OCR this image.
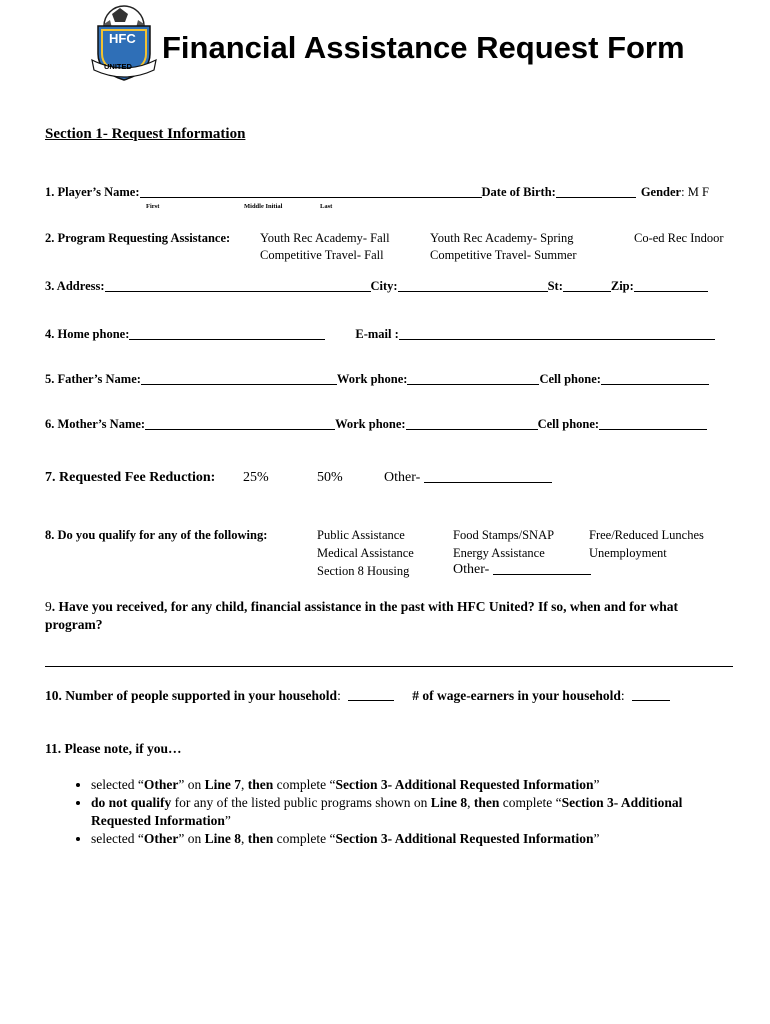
HFC
UNITED
Financial Assistance Request Form
Section 1- Request Information
1. Player’s Name:	Date of Birth:	Gender : M F
First	Middle Initial	Last
2. Program Requesting Assistance: Youth Rec Academy- Fall	Youth Rec Academy- Spring	Co-ed Rec Indoor
Competitive Travel- Fall	Competitive Travel- Summer
3. Address:	City:	St:	Zip:
4. Home phone:	E-mail :
5. Father’s Name:	Work phone:	Cell phone:
6. Mother’s Name:	Work phone:	Cell phone:
7. Requested Fee Reduction: 25%	50%	Other-
8. Do you qualify for any of the following:	Public Assistance	Food Stamps/SNAP	Free/Reduced Lunches
Medical Assistance	Energy Assistance	Unemployment
Section 8 Housing	Other-
9. Have you received, for any child, financial assistance in the past with HFC United? If so, when and for what
program?
10. Number of people supported in your household :	# of wage-earners in your household :
11. Please note, if you…
• selected “Other” on Line 7, then complete “Section 3- Additional Requested Information”
• do not qualify for any of the listed public programs shown on Line 8, then complete “Section 3- Additional Requested Information”
• selected “Other” on Line 8, then complete “Section 3- Additional Requested Information”
